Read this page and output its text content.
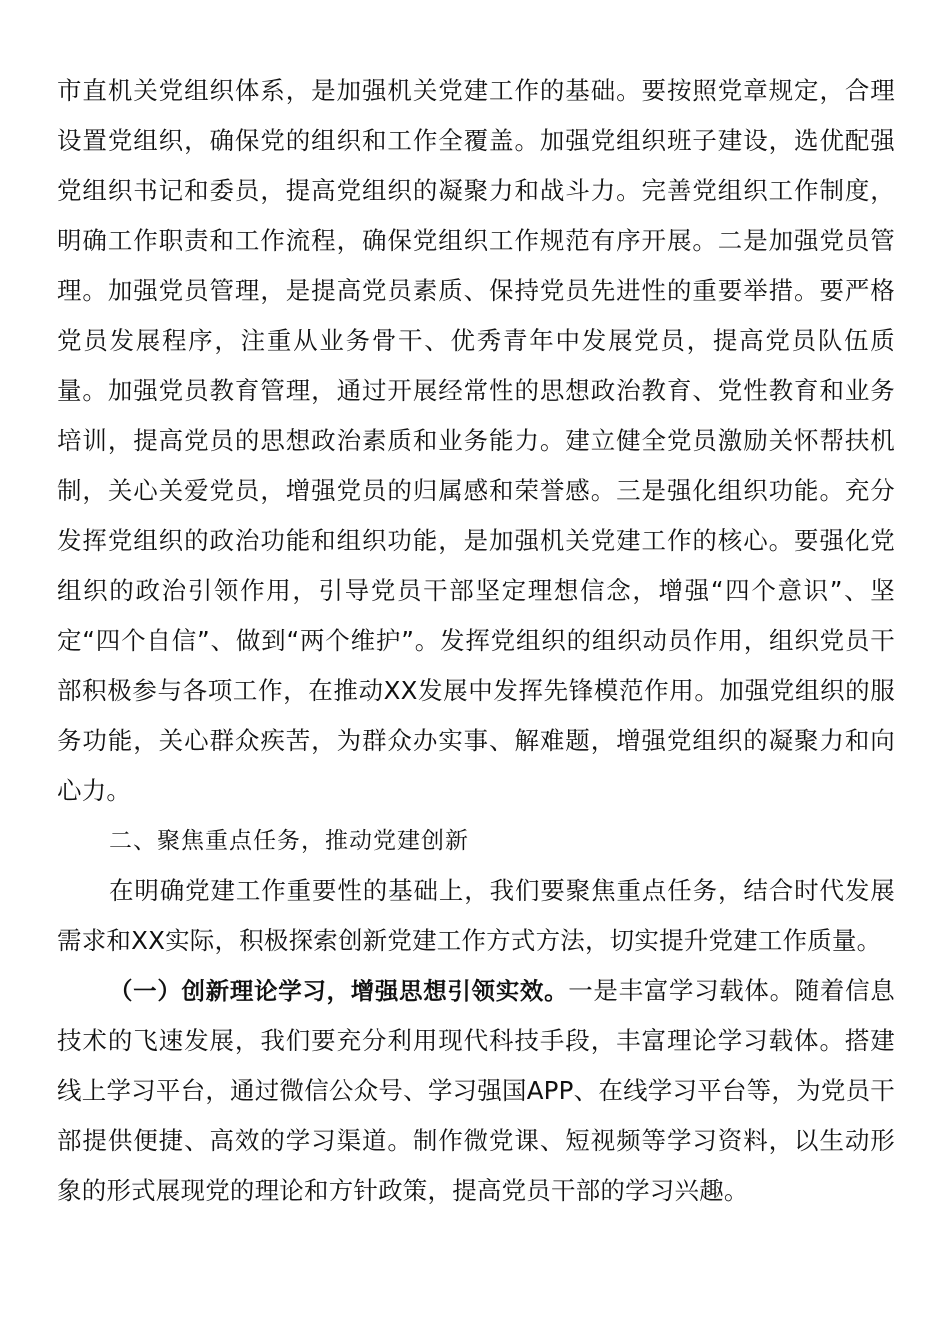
市直机关党组织体系，是加强机关党建工作的基础。要按照党章规定，合理设置党组织，确保党的组织和工作全覆盖。加强党组织班子建设，选优配强党组织书记和委员，提高党组织的凝聚力和战斗力。完善党组织工作制度，明确工作职责和工作流程，确保党组织工作规范有序开展。二是加强党员管理。加强党员管理，是提高党员素质、保持党员先进性的重要举措。要严格党员发展程序，注重从业务骨干、优秀青年中发展党员，提高党员队伍质量。加强党员教育管理，通过开展经常性的思想政治教育、党性教育和业务培训，提高党员的思想政治素质和业务能力。建立健全党员激励关怀帮扶机制，关心关爱党员，增强党员的归属感和荣誉感。三是强化组织功能。充分发挥党组织的政治功能和组织功能，是加强机关党建工作的核心。要强化党组织的政治引领作用，引导党员干部坚定理想信念，增强“四个意识”、坚定“四个自信”、做到“两个维护”。发挥党组织的组织动员作用，组织党员干部积极参与各项工作，在推动XX发展中发挥先锋模范作用。加强党组织的服务功能，关心群众疾苦，为群众办实事、解难题，增强党组织的凝聚力和向心力。

二、聚焦重点任务，推动党建创新

在明确党建工作重要性的基础上，我们要聚焦重点任务，结合时代发展需求和XX实际，积极探索创新党建工作方式方法，切实提升党建工作质量。

（一）创新理论学习，增强思想引领实效。一是丰富学习载体。随着信息技术的飞速发展，我们要充分利用现代科技手段，丰富理论学习载体。搭建线上学习平台，通过微信公众号、学习强国APP、在线学习平台等，为党员干部提供便捷、高效的学习渠道。制作微党课、短视频等学习资料，以生动形象的形式展现党的理论和方针政策，提高党员干部的学习兴趣。
